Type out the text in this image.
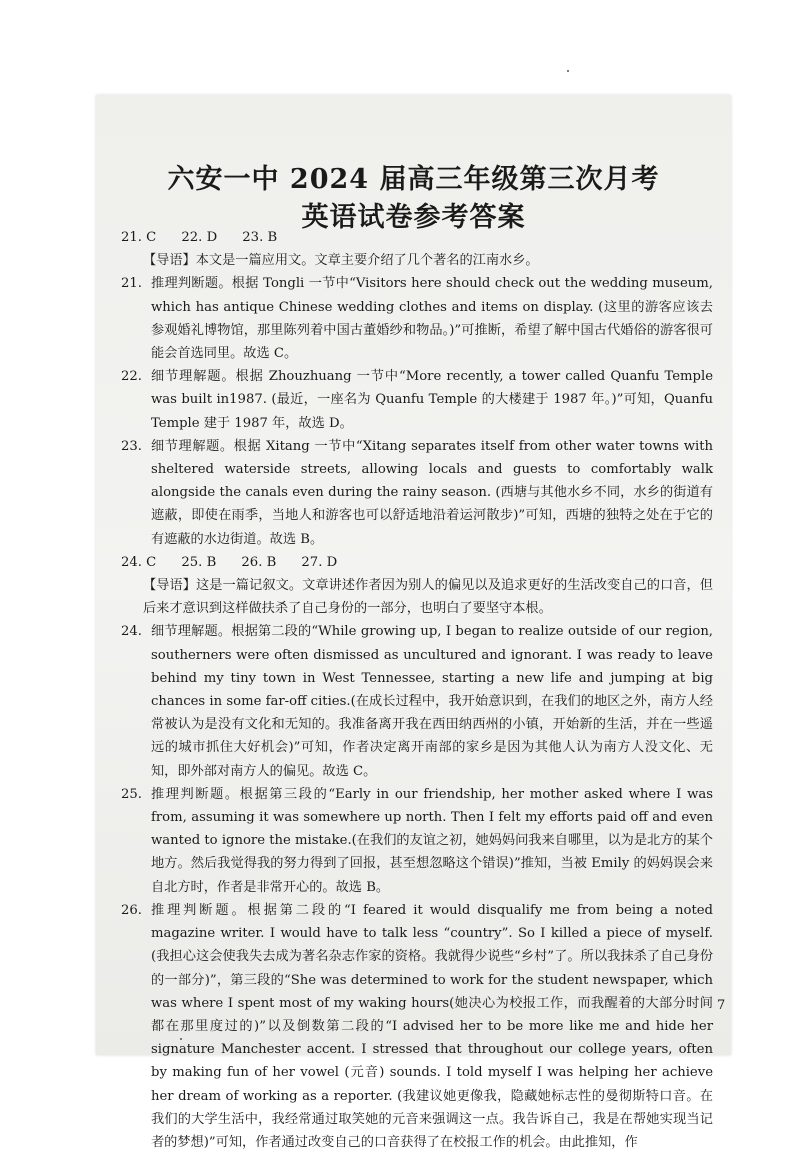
六安一中 2024 届高三年级第三次月考
英语试卷参考答案
21. C      22. D      23. B
【导语】本文是一篇应用文。文章主要介绍了几个著名的江南水乡。
21. 推理判断题。根据 Tongli 一节中“Visitors here should check out the wedding museum, which has antique Chinese wedding clothes and items on display. (这里的游客应该去参观婚礼博物馆，那里陈列着中国古董婚纱和物品。)”可推断，希望了解中国古代婚俗的游客很可能会首选同里。故选 C。
22. 细节理解题。根据 Zhouzhuang 一节中“More recently, a tower called Quanfu Temple was built in1987. (最近，一座名为 Quanfu Temple 的大楼建于 1987 年。)”可知，Quanfu Temple 建于 1987 年，故选 D。
23. 细节理解题。根据 Xitang 一节中“Xitang separates itself from other water towns with sheltered waterside streets, allowing locals and guests to comfortably walk alongside the canals even during the rainy season. (西塘与其他水乡不同，水乡的街道有遮蔽，即使在雨季，当地人和游客也可以舒适地沿着运河散步)”可知，西塘的独特之处在于它的有遮蔽的水边街道。故选 B。
24. C      25. B      26. B      27. D
【导语】这是一篇记叙文。文章讲述作者因为别人的偏见以及追求更好的生活改变自己的口音，但后来才意识到这样做扶杀了自己身份的一部分，也明白了要坚守本根。
24. 细节理解题。根据第二段的“While growing up, I began to realize outside of our region, southerners were often dismissed as uncultured and ignorant. I was ready to leave behind my tiny town in West Tennessee, starting a new life and jumping at big chances in some far-off cities.(在成长过程中，我开始意识到，在我们的地区之外，南方人经常被认为是没有文化和无知的。我准备离开我在西田纳西州的小镇，开始新的生活，并在一些遥远的城市抓住大好机会)”可知，作者决定离开南部的家乡是因为其他人认为南方人没文化、无知，即外部对南方人的偏见。故选 C。
25. 推理判断题。根据第三段的“Early in our friendship, her mother asked where I was from, assuming it was somewhere up north. Then I felt my efforts paid off and even wanted to ignore the mistake.(在我们的友谊之初，她妈妈问我来自哪里，以为是北方的某个地方。然后我觉得我的努力得到了回报，甚至想忽略这个错误)”推知，当被 Emily 的妈妈误会来自北方时，作者是非常开心的。故选 B。
26. 推理判断题。根据第二段的“I feared it would disqualify me from being a noted magazine writer. I would have to talk less “country”. So I killed a piece of myself. (我担心这会使我失去成为著名杂志作家的资格。我就得少说些“乡村”了。所以我抹杀了自己身份的一部分)”，第三段的“She was determined to work for the student newspaper, which was where I spent most of my waking hours(她决心为校报工作，而我醒着的大部分时间都在那里度过的)”以及倒数第二段的“I advised her to be more like me and hide her signature Manchester accent. I stressed that throughout our college years, often by making fun of her vowel (元音) sounds. I told myself I was helping her achieve her dream of working as a reporter. (我建议她更像我，隐藏她标志性的曼彻斯特口音。在我们的大学生活中，我经常通过取笑她的元音来强调这一点。我告诉自己，我是在帮她实现当记者的梦想)”可知，作者通过改变自己的口音获得了在校报工作的机会。由此推知，作
7
